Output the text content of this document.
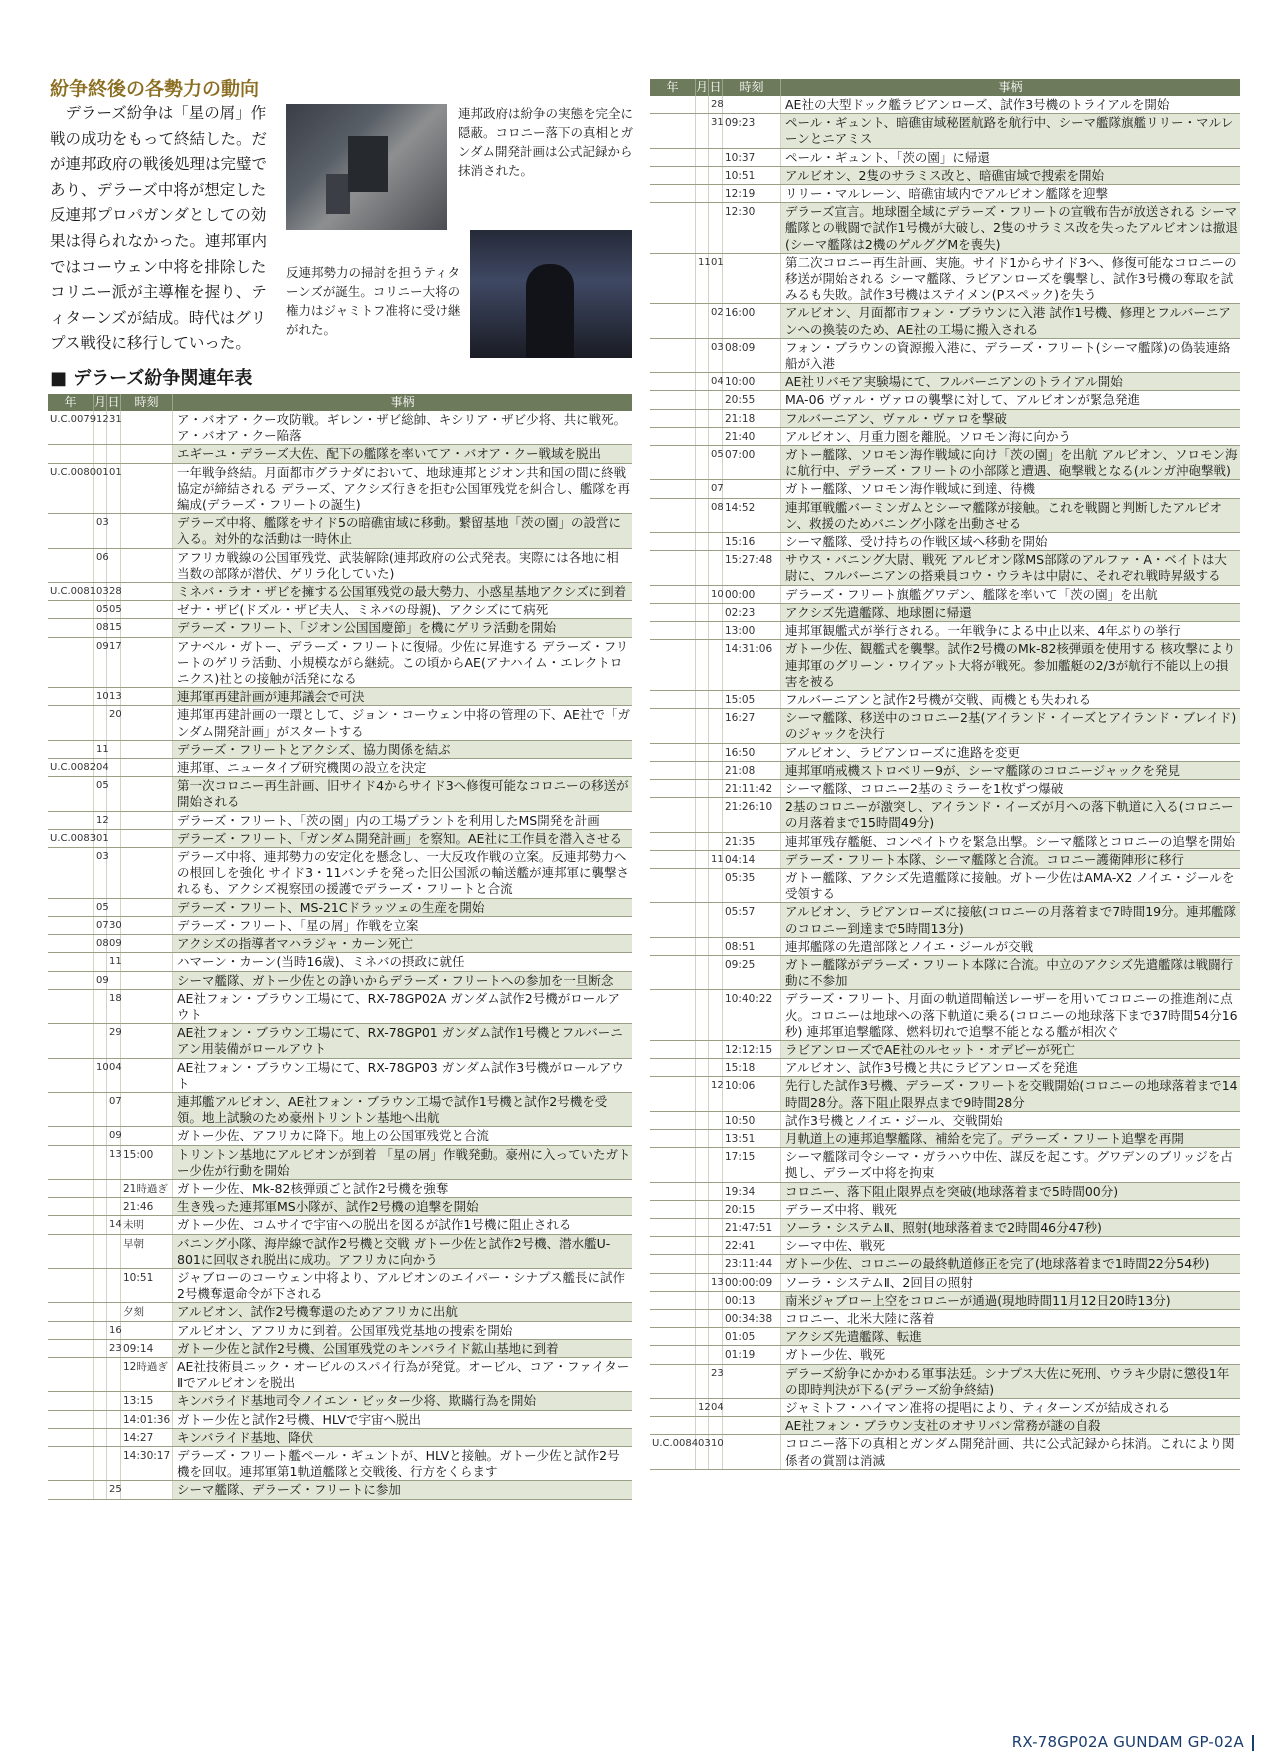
紛争終後の各勢力の動向

デラーズ紛争は「星の屑」作戦の成功をもって終結した。だが連邦政府の戦後処理は完璧であり、デラーズ中将が想定した反連邦プロパガンダとしての効果は得られなかった。連邦軍内ではコーウェン中将を排除したコリニー派が主導権を握り、ティターンズが結成。時代はグリプス戦役に移行していった。

連邦政府は紛争の実態を完全に隠蔽。コロニー落下の真相とガンダム開発計画は公式記録から抹消された。
反連邦勢力の掃討を担うティターンズが誕生。コリニー大将の権力はジャミトフ准将に受け継がれた。
■ デラーズ紛争関連年表
年	月 日	時刻	事柄
U.C.0079 12 31	ア・バオア・クー攻防戦。ギレン・ザビ総帥、キシリア・ザビ少将、共に戦死。ア・バオア・クー陥落
エギーユ・デラーズ大佐、配下の艦隊を率いてア・バオア・クー戦域を脱出
U.C.0080 01 01	一年戦争終結。月面都市グラナダにおいて、地球連邦とジオン共和国の間に終戦協定が締結される デラーズ、アクシズ行きを拒む公国軍残党を糾合し、艦隊を再編成(デラーズ・フリートの誕生)
03	デラーズ中将、艦隊をサイド5の暗礁宙域に移動。繋留基地「茨の園」の設営に入る。対外的な活動は一時休止
06	アフリカ戦線の公国軍残党、武装解除(連邦政府の公式発表。実際には各地に相当数の部隊が潜伏、ゲリラ化していた)
U.C.0081 03 28	ミネバ・ラオ・ザビを擁する公国軍残党の最大勢力、小惑星基地アクシズに到着
05 05	ゼナ・ザビ(ドズル・ザビ夫人、ミネバの母親)、アクシズにて病死
08 15	デラーズ・フリート、「ジオン公国国慶節」を機にゲリラ活動を開始
09 17	アナベル・ガトー、デラーズ・フリートに復帰。少佐に昇進する デラーズ・フリートのゲリラ活動、小規模ながら継続。この頃からAE(アナハイム・エレクトロニクス)社との接触が活発になる
10 13	連邦軍再建計画が連邦議会で可決
20	連邦軍再建計画の一環として、ジョン・コーウェン中将の管理の下、AE社で「ガンダム開発計画」がスタートする
11	デラーズ・フリートとアクシズ、協力関係を結ぶ
U.C.0082 04	連邦軍、ニュータイプ研究機関の設立を決定
05	第一次コロニー再生計画、旧サイド4からサイド3へ修復可能なコロニーの移送が開始される
12	デラーズ・フリート、「茨の園」内の工場プラントを利用したMS開発を計画
U.C.0083 01	デラーズ・フリート、「ガンダム開発計画」を察知。AE社に工作員を潜入させる
03	デラーズ中将、連邦勢力の安定化を懸念し、一大反攻作戦の立案。反連邦勢力への根回しを強化 サイド3・11バンチを発った旧公国派の輸送艦が連邦軍に襲撃されるも、アクシズ視察団の援護でデラーズ・フリートと合流
05	デラーズ・フリート、MS-21Cドラッツェの生産を開始
07 30	デラーズ・フリート、「星の屑」作戦を立案
08 09	アクシズの指導者マハラジャ・カーン死亡
11	ハマーン・カーン(当時16歳)、ミネバの摂政に就任
09	シーマ艦隊、ガトー少佐との諍いからデラーズ・フリートへの参加を一旦断念
18	AE社フォン・ブラウン工場にて、RX-78GP02A ガンダム試作2号機がロールアウト
29	AE社フォン・ブラウン工場にて、RX-78GP01 ガンダム試作1号機とフルバーニアン用装備がロールアウト
10 04	AE社フォン・ブラウン工場にて、RX-78GP03 ガンダム試作3号機がロールアウト
07	連邦艦アルビオン、AE社フォン・ブラウン工場で試作1号機と試作2号機を受領。地上試験のため豪州トリントン基地へ出航
09	ガトー少佐、アフリカに降下。地上の公国軍残党と合流
13 15:00	トリントン基地にアルビオンが到着 「星の屑」作戦発動。豪州に入っていたガトー少佐が行動を開始
21時過ぎ ガトー少佐、Mk-82核弾頭ごと試作2号機を強奪
21:46	生き残った連邦軍MS小隊が、試作2号機の追撃を開始
14 未明	ガトー少佐、コムサイで宇宙への脱出を図るが試作1号機に阻止される
早朝	バニング小隊、海岸線で試作2号機と交戦 ガトー少佐と試作2号機、潜水艦U-801に回収され脱出に成功。アフリカに向かう
10:51	ジャブローのコーウェン中将より、アルビオンのエイパー・シナプス艦長に試作2号機奪還命令が下される
夕刻	アルビオン、試作2号機奪還のためアフリカに出航
16	アルビオン、アフリカに到着。公国軍残党基地の捜索を開始
23 09:14	ガトー少佐と試作2号機、公国軍残党のキンバライド鉱山基地に到着
12時過ぎ AE社技術員ニック・オービルのスパイ行為が発覚。オービル、コア・ファイターⅡでアルビオンを脱出
13:15	キンバライド基地司令ノイエン・ビッター少将、欺瞞行為を開始
14:01:36 ガトー少佐と試作2号機、HLVで宇宙へ脱出
14:27	キンバライド基地、降伏
14:30:17 デラーズ・フリート艦ペール・ギュントが、HLVと接触。ガトー少佐と試作2号機を回収。連邦軍第1軌道艦隊と交戦後、行方をくらます
25	シーマ艦隊、デラーズ・フリートに参加
年	月 日	時刻	事柄
28	AE社の大型ドック艦ラビアンローズ、試作3号機のトライアルを開始
31 09:23	ペール・ギュント、暗礁宙域秘匿航路を航行中、シーマ艦隊旗艦リリー・マルレーンとニアミス
10:37	ペール・ギュント、「茨の園」に帰還
10:51	アルビオン、2隻のサラミス改と、暗礁宙域で捜索を開始
12:19	リリー・マルレーン、暗礁宙域内でアルビオン艦隊を迎撃
12:30	デラーズ宣言。地球圏全域にデラーズ・フリートの宣戦布告が放送される シーマ艦隊との戦闘で試作1号機が大破し、2隻のサラミス改を失ったアルビオンは撤退(シーマ艦隊は2機のゲルググMを喪失)
11 01	第二次コロニー再生計画、実施。サイド1からサイド3へ、修復可能なコロニーの移送が開始される シーマ艦隊、ラビアンローズを襲撃し、試作3号機の奪取を試みるも失敗。試作3号機はステイメン(Pスペック)を失う
02 16:00	アルビオン、月面都市フォン・ブラウンに入港 試作1号機、修理とフルバーニアンへの換装のため、AE社の工場に搬入される
03 08:09	フォン・ブラウンの資源搬入港に、デラーズ・フリート(シーマ艦隊)の偽装連絡船が入港
04 10:00	AE社リバモア実験場にて、フルバーニアンのトライアル開始
20:55	MA-06 ヴァル・ヴァロの襲撃に対して、アルビオンが緊急発進
21:18	フルバーニアン、ヴァル・ヴァロを撃破
21:40	アルビオン、月重力圏を離脱。ソロモン海に向かう
05 07:00	ガトー艦隊、ソロモン海作戦域に向け「茨の園」を出航 アルビオン、ソロモン海に航行中、デラーズ・フリートの小部隊と遭遇、砲撃戦となる(ルンガ沖砲撃戦)
07	ガトー艦隊、ソロモン海作戦域に到達、待機
08 14:52	連邦軍戦艦バーミンガムとシーマ艦隊が接触。これを戦闘と判断したアルビオン、救援のためバニング小隊を出動させる
15:16	シーマ艦隊、受け持ちの作戦区域へ移動を開始
15:27:48	サウス・バニング大尉、戦死 アルビオン隊MS部隊のアルファ・A・ベイトは大尉に、フルバーニアンの搭乗員コウ・ウラキは中尉に、それぞれ戦時昇級する
10 00:00	デラーズ・フリート旗艦グワデン、艦隊を率いて「茨の園」を出航
02:23	アクシズ先遣艦隊、地球圏に帰還
13:00	連邦軍観艦式が挙行される。一年戦争による中止以来、4年ぶりの挙行
14:31:06	ガトー少佐、観艦式を襲撃。試作2号機のMk-82核弾頭を使用する 核攻撃により連邦軍のグリーン・ワイアット大将が戦死。参加艦艇の2/3が航行不能以上の損害を被る
15:05	フルバーニアンと試作2号機が交戦、両機とも失われる
16:27	シーマ艦隊、移送中のコロニー2基(アイランド・イーズとアイランド・ブレイド)のジャックを決行
16:50	アルビオン、ラビアンローズに進路を変更
21:08	連邦軍哨戒機ストロベリー9が、シーマ艦隊のコロニージャックを発見
21:11:42	シーマ艦隊、コロニー2基のミラーを1枚ずつ爆破
21:26:10	2基のコロニーが激突し、アイランド・イーズが月への落下軌道に入る(コロニーの月落着まで15時間49分)
21:35	連邦軍残存艦艇、コンペイトウを緊急出撃。シーマ艦隊とコロニーの追撃を開始
11 04:14	デラーズ・フリート本隊、シーマ艦隊と合流。コロニー護衛陣形に移行
05:35	ガトー艦隊、アクシズ先遣艦隊に接触。ガトー少佐はAMA-X2 ノイエ・ジールを受領する
05:57	アルビオン、ラビアンローズに接舷(コロニーの月落着まで7時間19分。連邦艦隊のコロニー到達まで5時間13分)
08:51	連邦艦隊の先遣部隊とノイエ・ジールが交戦
09:25	ガトー艦隊がデラーズ・フリート本隊に合流。中立のアクシズ先遣艦隊は戦闘行動に不参加
10:40:22	デラーズ・フリート、月面の軌道間輸送レーザーを用いてコロニーの推進剤に点火。コロニーは地球への落下軌道に乗る(コロニーの地球落下まで37時間54分16秒) 連邦軍追撃艦隊、燃料切れで追撃不能となる艦が相次ぐ
12:12:15	ラビアンローズでAE社のルセット・オデビーが死亡
15:18	アルビオン、試作3号機と共にラビアンローズを発進
12 10:06	先行した試作3号機、デラーズ・フリートを交戦開始(コロニーの地球落着まで14時間28分。落下阻止限界点まで9時間28分
10:50	試作3号機とノイエ・ジール、交戦開始
13:51	月軌道上の連邦追撃艦隊、補給を完了。デラーズ・フリート追撃を再開
17:15	シーマ艦隊司令シーマ・ガラハウ中佐、謀反を起こす。グワデンのブリッジを占拠し、デラーズ中将を拘束
19:34	コロニー、落下阻止限界点を突破(地球落着まで5時間00分)
20:15	デラーズ中将、戦死
21:47:51	ソーラ・システムⅡ、照射(地球落着まで2時間46分47秒)
22:41	シーマ中佐、戦死
23:11:44	ガトー少佐、コロニーの最終軌道修正を完了(地球落着まで1時間22分54秒)
13 00:00:09	ソーラ・システムⅡ、2回目の照射
00:13	南米ジャブロー上空をコロニーが通過(現地時間11月12日20時13分)
00:34:38	コロニー、北米大陸に落着
01:05	アクシズ先遣艦隊、転進
01:19	ガトー少佐、戦死
23	デラーズ紛争にかかわる軍事法廷。シナプス大佐に死刑、ウラキ少尉に懲役1年の即時判決が下る(デラーズ紛争終結)
12 04	ジャミトフ・ハイマン准将の提唱により、ティターンズが結成される
AE社フォン・ブラウン支社のオサリバン常務が謎の自殺
U.C.0084 03 10	コロニー落下の真相とガンダム開発計画、共に公式記録から抹消。これにより関係者の賞罰は消滅
RX-78GP02A GUNDAM GP-02A
